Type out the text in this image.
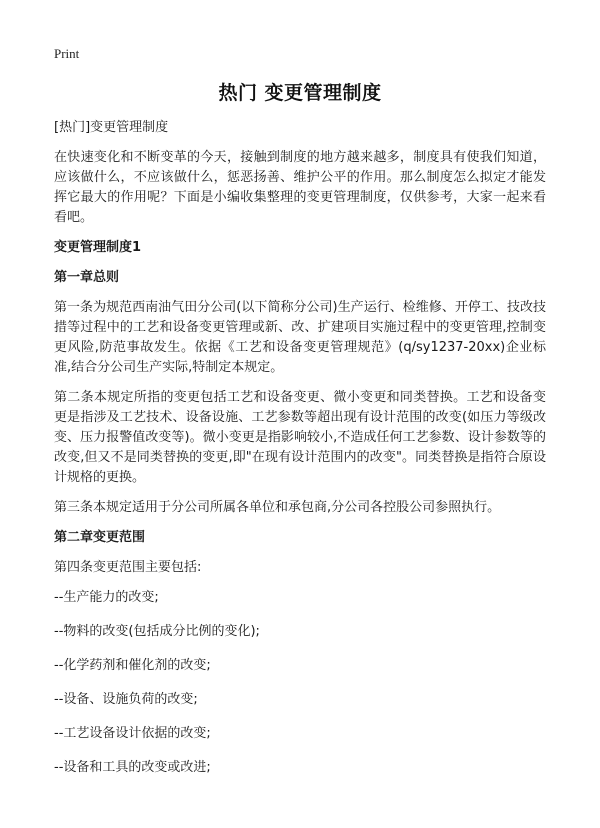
Print
热门 变更管理制度
[热门]变更管理制度
在快速变化和不断变革的今天，接触到制度的地方越来越多，制度具有使我们知道，应该做什么，不应该做什么，惩恶扬善、维护公平的作用。那么制度怎么拟定才能发挥它最大的作用呢？下面是小编收集整理的变更管理制度，仅供参考，大家一起来看看吧。
变更管理制度1
第一章总则
第一条为规范西南油气田分公司(以下简称分公司)生产运行、检维修、开停工、技改技措等过程中的工艺和设备变更管理或新、改、扩建项目实施过程中的变更管理,控制变更风险,防范事故发生。依据《工艺和设备变更管理规范》(q/sy1237-20xx)企业标准,结合分公司生产实际,特制定本规定。
第二条本规定所指的变更包括工艺和设备变更、微小变更和同类替换。工艺和设备变更是指涉及工艺技术、设备设施、工艺参数等超出现有设计范围的改变(如压力等级改变、压力报警值改变等)。微小变更是指影响较小,不造成任何工艺参数、设计参数等的改变,但又不是同类替换的变更,即"在现有设计范围内的改变"。同类替换是指符合原设计规格的更换。
第三条本规定适用于分公司所属各单位和承包商,分公司各控股公司参照执行。
第二章变更范围
第四条变更范围主要包括:
--生产能力的改变;
--物料的改变(包括成分比例的变化);
--化学药剂和催化剂的改变;
--设备、设施负荷的改变;
--工艺设备设计依据的改变;
--设备和工具的改变或改进;
